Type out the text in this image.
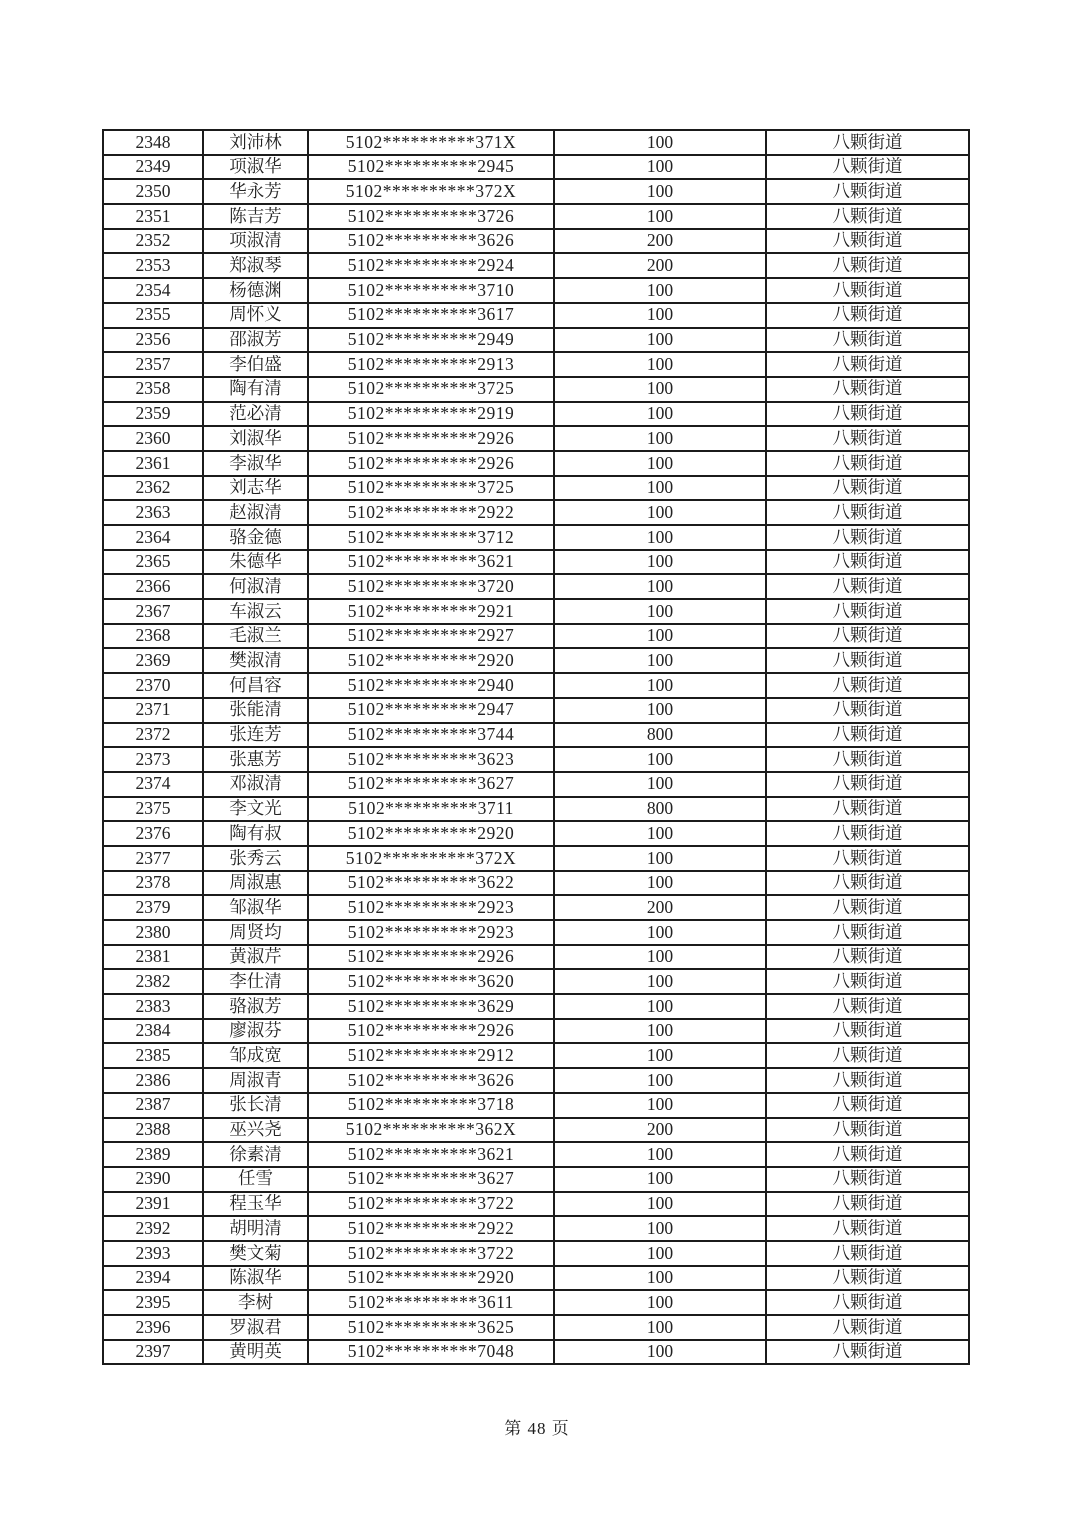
2348	刘沛林	5102**********371X	100	八颗街道
2349	项淑华	5102**********2945	100	八颗街道
2350	华永芳	5102**********372X	100	八颗街道
2351	陈吉芳	5102**********3726	100	八颗街道
2352	项淑清	5102**********3626	200	八颗街道
2353	郑淑琴	5102**********2924	200	八颗街道
2354	杨德渊	5102**********3710	100	八颗街道
2355	周怀义	5102**********3617	100	八颗街道
2356	邵淑芳	5102**********2949	100	八颗街道
2357	李伯盛	5102**********2913	100	八颗街道
2358	陶有清	5102**********3725	100	八颗街道
2359	范必清	5102**********2919	100	八颗街道
2360	刘淑华	5102**********2926	100	八颗街道
2361	李淑华	5102**********2926	100	八颗街道
2362	刘志华	5102**********3725	100	八颗街道
2363	赵淑清	5102**********2922	100	八颗街道
2364	骆金德	5102**********3712	100	八颗街道
2365	朱德华	5102**********3621	100	八颗街道
2366	何淑清	5102**********3720	100	八颗街道
2367	车淑云	5102**********2921	100	八颗街道
2368	毛淑兰	5102**********2927	100	八颗街道
2369	樊淑清	5102**********2920	100	八颗街道
2370	何昌容	5102**********2940	100	八颗街道
2371	张能清	5102**********2947	100	八颗街道
2372	张连芳	5102**********3744	800	八颗街道
2373	张惠芳	5102**********3623	100	八颗街道
2374	邓淑清	5102**********3627	100	八颗街道
2375	李文光	5102**********3711	800	八颗街道
2376	陶有叔	5102**********2920	100	八颗街道
2377	张秀云	5102**********372X	100	八颗街道
2378	周淑惠	5102**********3622	100	八颗街道
2379	邹淑华	5102**********2923	200	八颗街道
2380	周贤均	5102**********2923	100	八颗街道
2381	黄淑芹	5102**********2926	100	八颗街道
2382	李仕清	5102**********3620	100	八颗街道
2383	骆淑芳	5102**********3629	100	八颗街道
2384	廖淑芬	5102**********2926	100	八颗街道
2385	邹成宽	5102**********2912	100	八颗街道
2386	周淑青	5102**********3626	100	八颗街道
2387	张长清	5102**********3718	100	八颗街道
2388	巫兴尧	5102**********362X	200	八颗街道
2389	徐素清	5102**********3621	100	八颗街道
2390	任雪	5102**********3627	100	八颗街道
2391	程玉华	5102**********3722	100	八颗街道
2392	胡明清	5102**********2922	100	八颗街道
2393	樊文菊	5102**********3722	100	八颗街道
2394	陈淑华	5102**********2920	100	八颗街道
2395	李树	5102**********3611	100	八颗街道
2396	罗淑君	5102**********3625	100	八颗街道
2397	黄明英	5102**********7048	100	八颗街道
第 48 页
